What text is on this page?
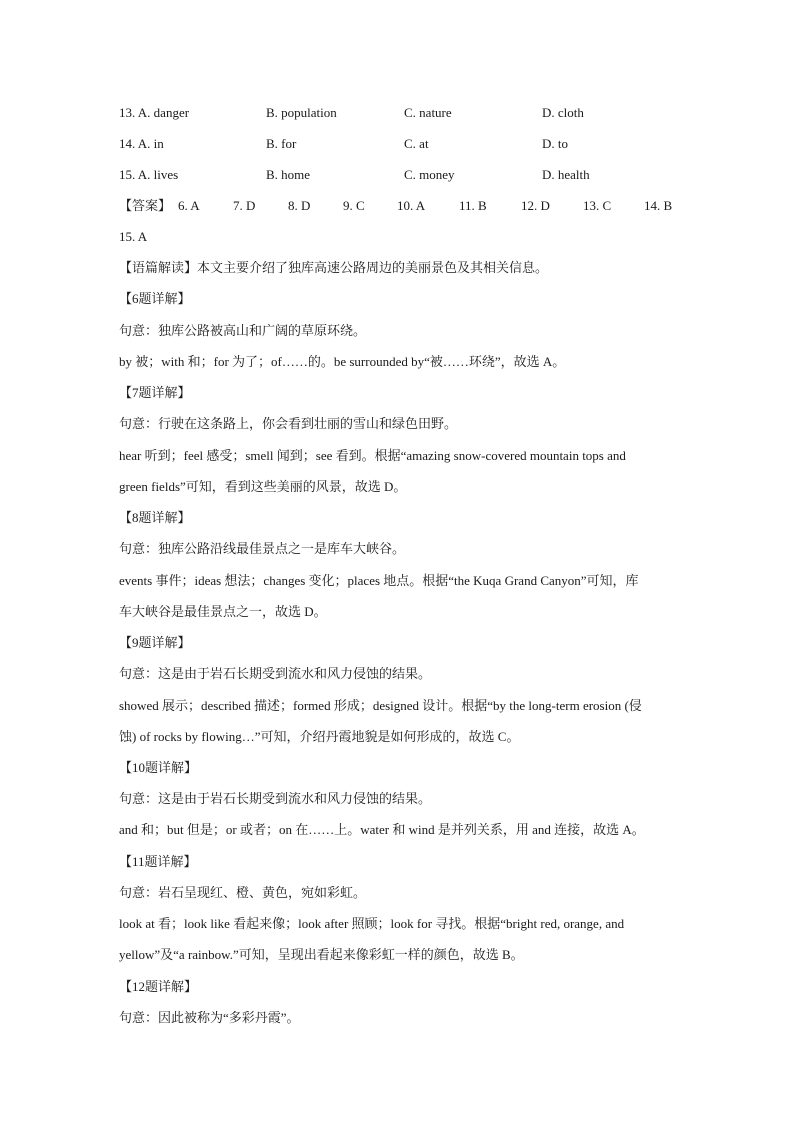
13. A. danger	B. population	C. nature	D. cloth
14. A. in	B. for	C. at	D. to
15. A. lives	B. home	C. money	D. health
【答案】 6. A	7. D	8. D	9. C 10. A	11. B	12. D	13. C	14. B
15. A
【语篇解读】本文主要介绍了独库高速公路周边的美丽景色及其相关信息。
【6题详解】
句意：独库公路被高山和广阔的草原环绕。
by 被；with 和；for 为了；of……的。be surrounded by“被……环绕”，故选 A。
【7题详解】
句意：行驶在这条路上，你会看到壮丽的雪山和绿色田野。
hear 听到；feel 感受；smell 闻到；see 看到。根据“amazing snow-covered mountain tops and
green fields”可知，看到这些美丽的风景，故选 D。
【8题详解】
句意：独库公路沿线最佳景点之一是库车大峡谷。
events 事件；ideas 想法；changes 变化；places 地点。根据“the Kuqa Grand Canyon”可知，库
车大峡谷是最佳景点之一，故选 D。
【9题详解】
句意：这是由于岩石长期受到流水和风力侵蚀的结果。
showed 展示；described 描述；formed 形成；designed 设计。根据“by the long-term erosion (侵
蚀) of rocks by flowing…”可知，介绍丹霞地貌是如何形成的，故选 C。
【10题详解】
句意：这是由于岩石长期受到流水和风力侵蚀的结果。
and 和；but 但是；or 或者；on 在……上。water 和 wind 是并列关系，用 and 连接，故选 A。
【11题详解】
句意：岩石呈现红、橙、黄色，宛如彩虹。
look at 看；look like 看起来像；look after 照顾；look for 寻找。根据“bright red, orange, and
yellow”及“a rainbow.”可知，呈现出看起来像彩虹一样的颜色，故选 B。
【12题详解】
句意：因此被称为“多彩丹霞”。
